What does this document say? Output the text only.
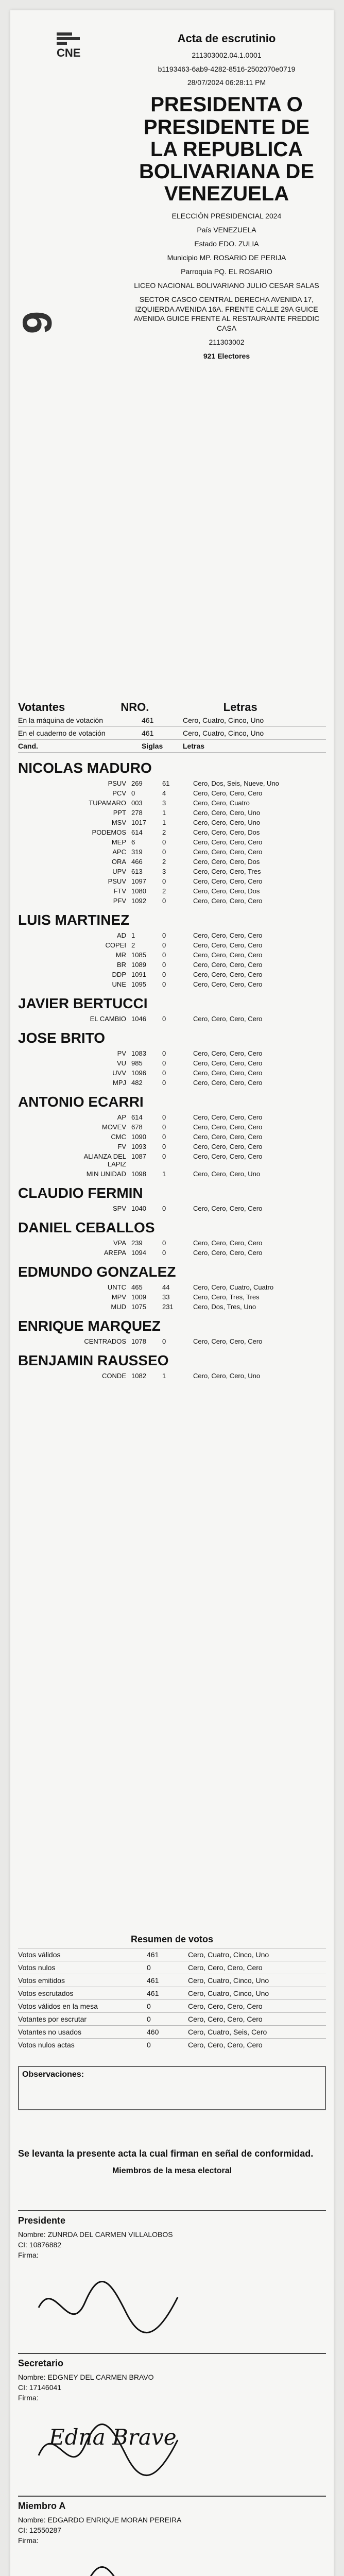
CNE
Acta de escrutinio

211303002.04.1.0001

b1193463-6ab9-4282-8516-2502070e0719

28/07/2024 06:28:11 PM

PRESIDENTA O PRESIDENTE DE LA REPUBLICA BOLIVARIANA DE VENEZUELA

ELECCIÓN PRESIDENCIAL 2024

País VENEZUELA

Estado EDO. ZULIA

Municipio MP. ROSARIO DE PERIJA

Parroquia PQ. EL ROSARIO

LICEO NACIONAL BOLIVARIANO JULIO CESAR SALAS

SECTOR CASCO CENTRAL DERECHA AVENIDA 17, IZQUIERDA AVENIDA 16A. FRENTE CALLE 29A GUICE AVENIDA GUICE FRENTE AL RESTAURANTE FREDDIC CASA

211303002

921 Electores

9
Votantes	NRO.	Letras
En la máquina de votación	461	Cero, Cuatro, Cinco, Uno
En el cuaderno de votación	461	Cero, Cuatro, Cinco, Uno
Cand.	Siglas	Letras
NICOLAS MADURO
PSUV 269	61	Cero, Dos, Seis, Nueve, Uno
PCV 0	4	Cero, Cero, Cero, Cero
TUPAMARO 003	3	Cero, Cero, Cuatro
PPT 278	1	Cero, Cero, Cero, Uno
MSV 1017	1	Cero, Cero, Cero, Uno
PODEMOS 614	2	Cero, Cero, Cero, Dos
MEP 6	0	Cero, Cero, Cero, Cero
APC 319	0	Cero, Cero, Cero, Cero
ORA 466	2	Cero, Cero, Cero, Dos
UPV 613	3	Cero, Cero, Cero, Tres
PSUV 1097	0	Cero, Cero, Cero, Cero
FTV 1080	2	Cero, Cero, Cero, Dos
PFV 1092	0	Cero, Cero, Cero, Cero
LUIS MARTINEZ
AD 1	0	Cero, Cero, Cero, Cero
COPEI 2	0	Cero, Cero, Cero, Cero
MR 1085	0	Cero, Cero, Cero, Cero
BR 1089	0	Cero, Cero, Cero, Cero
DDP 1091	0	Cero, Cero, Cero, Cero
UNE 1095	0	Cero, Cero, Cero, Cero
JAVIER BERTUCCI
EL CAMBIO 1046	0	Cero, Cero, Cero, Cero
JOSE BRITO
PV 1083	0	Cero, Cero, Cero, Cero
VU 985	0	Cero, Cero, Cero, Cero
UVV 1096	0	Cero, Cero, Cero, Cero
MPJ 482	0	Cero, Cero, Cero, Cero
ANTONIO ECARRI
AP 614	0	Cero, Cero, Cero, Cero
MOVEV 678	0	Cero, Cero, Cero, Cero
CMC 1090	0	Cero, Cero, Cero, Cero
FV 1093	0	Cero, Cero, Cero, Cero
ALIANZA DEL LAPIZ
1087	0	Cero, Cero, Cero, Cero
MIN UNIDAD 1098	1	Cero, Cero, Cero, Uno
CLAUDIO FERMIN
SPV 1040	0	Cero, Cero, Cero, Cero
DANIEL CEBALLOS
VPA 239	0	Cero, Cero, Cero, Cero
AREPA 1094	0	Cero, Cero, Cero, Cero
EDMUNDO GONZALEZ
UNTC 465	44	Cero, Cero, Cuatro, Cuatro
MPV 1009	33	Cero, Cero, Tres, Tres
MUD 1075	231	Cero, Dos, Tres, Uno
ENRIQUE MARQUEZ
CENTRADOS 1078	0	Cero, Cero, Cero, Cero
BENJAMIN RAUSSEO
CONDE 1082	1	Cero, Cero, Cero, Uno
Resumen de votos
Votos válidos	461	Cero, Cuatro, Cinco, Uno
Votos nulos	0	Cero, Cero, Cero, Cero
Votos emitidos	461	Cero, Cuatro, Cinco, Uno
Votos escrutados	461	Cero, Cuatro, Cinco, Uno
Votos válidos en la mesa	0	Cero, Cero, Cero, Cero
Votantes por escrutar	0	Cero, Cero, Cero, Cero
Votantes no usados	460	Cero, Cuatro, Seis, Cero
Votos nulos actas	0	Cero, Cero, Cero, Cero
Observaciones:
Se levanta la presente acta la cual firman en señal de conformidad.
Miembros de la mesa electoral
Presidente
Nombre: ZUNRDA DEL CARMEN VILLALOBOS
CI: 10876882
Firma:
Secretario
Nombre: EDGNEY DEL CARMEN BRAVO
CI: 17146041
Firma:
Edna Brave
Miembro A
Nombre: EDGARDO ENRIQUE MORAN PEREIRA
CI: 12550287
Firma:
